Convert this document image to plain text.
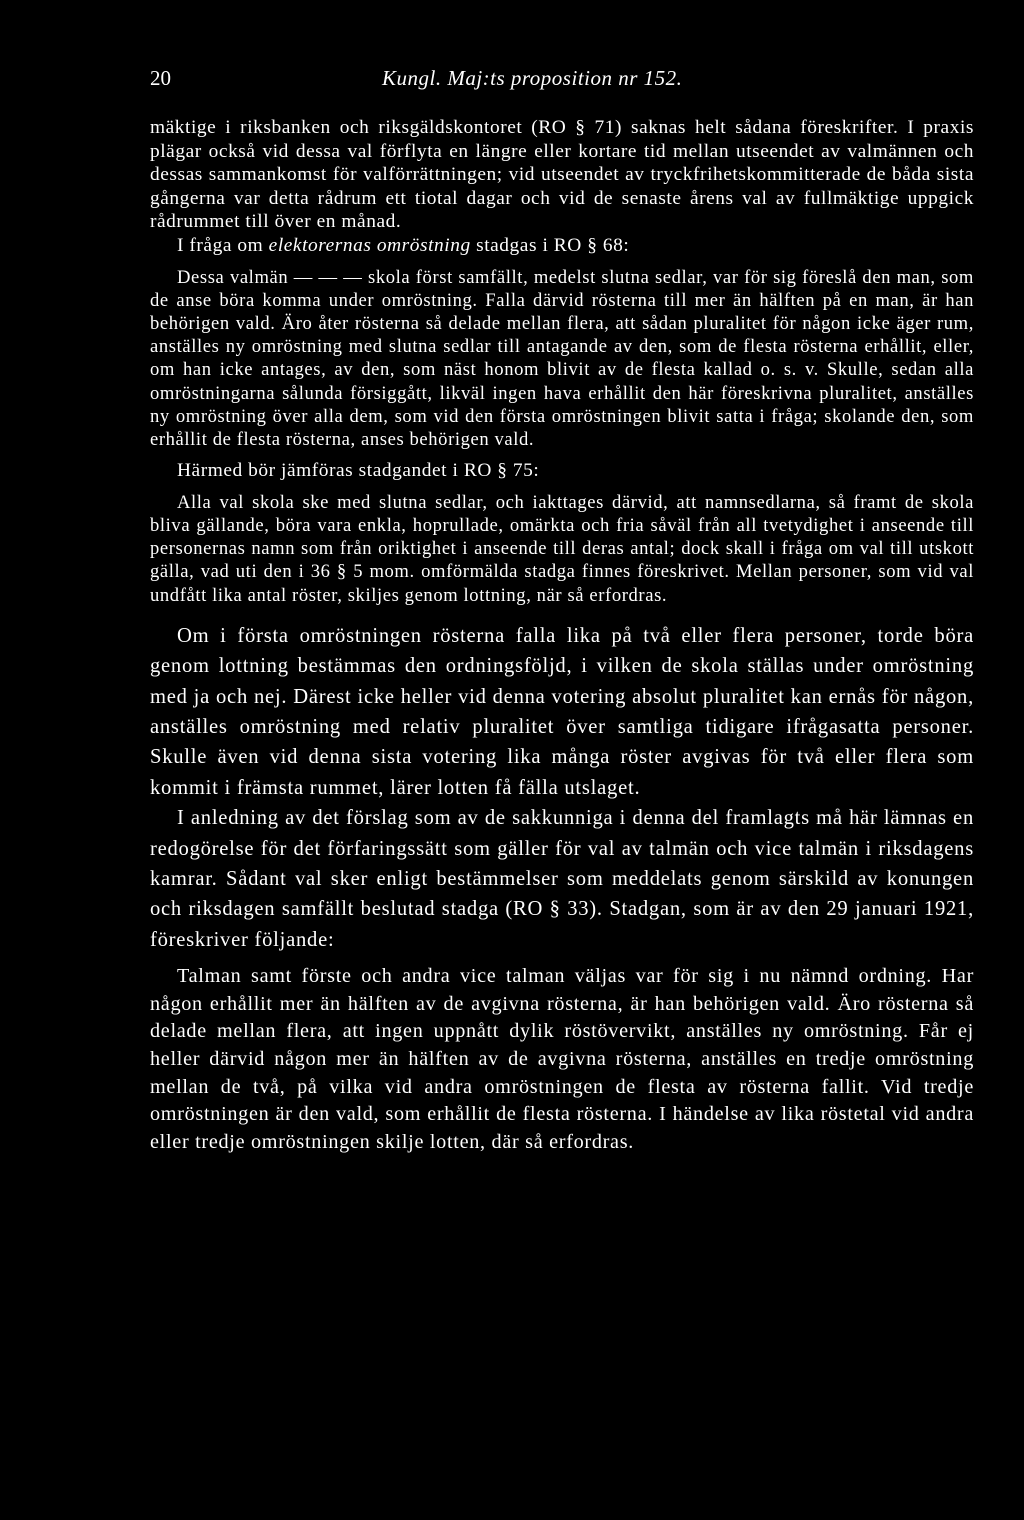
20	Kungl. Maj:ts proposition nr 152.

mäktige i riksbanken och riksgäldskontoret (RO § 71) saknas helt sådana föreskrifter. I praxis plägar också vid dessa val förflyta en längre eller kortare tid mellan utseendet av valmännen och dessas sammankomst för valförrättningen; vid utseendet av tryckfrihetskommitterade de båda sista gångerna var detta rådrum ett tiotal dagar och vid de senaste årens val av fullmäktige uppgick rådrummet till över en månad.

I fråga om elektorernas omröstning stadgas i RO § 68:

Dessa valmän — — — skola först samfällt, medelst slutna sedlar, var för sig föreslå den man, som de anse böra komma under omröstning. Falla därvid rösterna till mer än hälften på en man, är han behörigen vald. Äro åter rösterna så delade mellan flera, att sådan pluralitet för någon icke äger rum, anställes ny omröstning med slutna sedlar till antagande av den, som de flesta rösterna erhållit, eller, om han icke antages, av den, som näst honom blivit av de flesta kallad o. s. v. Skulle, sedan alla omröstningarna sålunda försiggått, likväl ingen hava erhållit den här föreskrivna pluralitet, anställes ny omröstning över alla dem, som vid den första omröstningen blivit satta i fråga; skolande den, som erhållit de flesta rösterna, anses behörigen vald.

Härmed bör jämföras stadgandet i RO § 75:

Alla val skola ske med slutna sedlar, och iakttages därvid, att namnsedlarna, så framt de skola bliva gällande, böra vara enkla, hoprullade, omärkta och fria såväl från all tvetydighet i anseende till personernas namn som från oriktighet i anseende till deras antal; dock skall i fråga om val till utskott gälla, vad uti den i 36 § 5 mom. omförmälda stadga finnes föreskrivet. Mellan personer, som vid val undfått lika antal röster, skiljes genom lottning, när så erfordras.

Om i första omröstningen rösterna falla lika på två eller flera personer, torde böra genom lottning bestämmas den ordningsföljd, i vilken de skola ställas under omröstning med ja och nej. Därest icke heller vid denna votering absolut pluralitet kan ernås för någon, anställes omröstning med relativ pluralitet över samtliga tidigare ifrågasatta personer. Skulle även vid denna sista votering lika många röster avgivas för två eller flera som kommit i främsta rummet, lärer lotten få fälla utslaget.

I anledning av det förslag som av de sakkunniga i denna del framlagts må här lämnas en redogörelse för det förfaringssätt som gäller för val av talmän och vice talmän i riksdagens kamrar. Sådant val sker enligt bestämmelser som meddelats genom särskild av konungen och riksdagen samfällt beslutad stadga (RO § 33). Stadgan, som är av den 29 januari 1921, föreskriver följande:

Talman samt förste och andra vice talman väljas var för sig i nu nämnd ordning. Har någon erhållit mer än hälften av de avgivna rösterna, är han behörigen vald. Äro rösterna så delade mellan flera, att ingen uppnått dylik röstövervikt, anställes ny omröstning. Får ej heller därvid någon mer än hälften av de avgivna rösterna, anställes en tredje omröstning mellan de två, på vilka vid andra omröstningen de flesta av rösterna fallit. Vid tredje omröstningen är den vald, som erhållit de flesta rösterna. I händelse av lika röstetal vid andra eller tredje omröstningen skilje lotten, där så erfordras.
